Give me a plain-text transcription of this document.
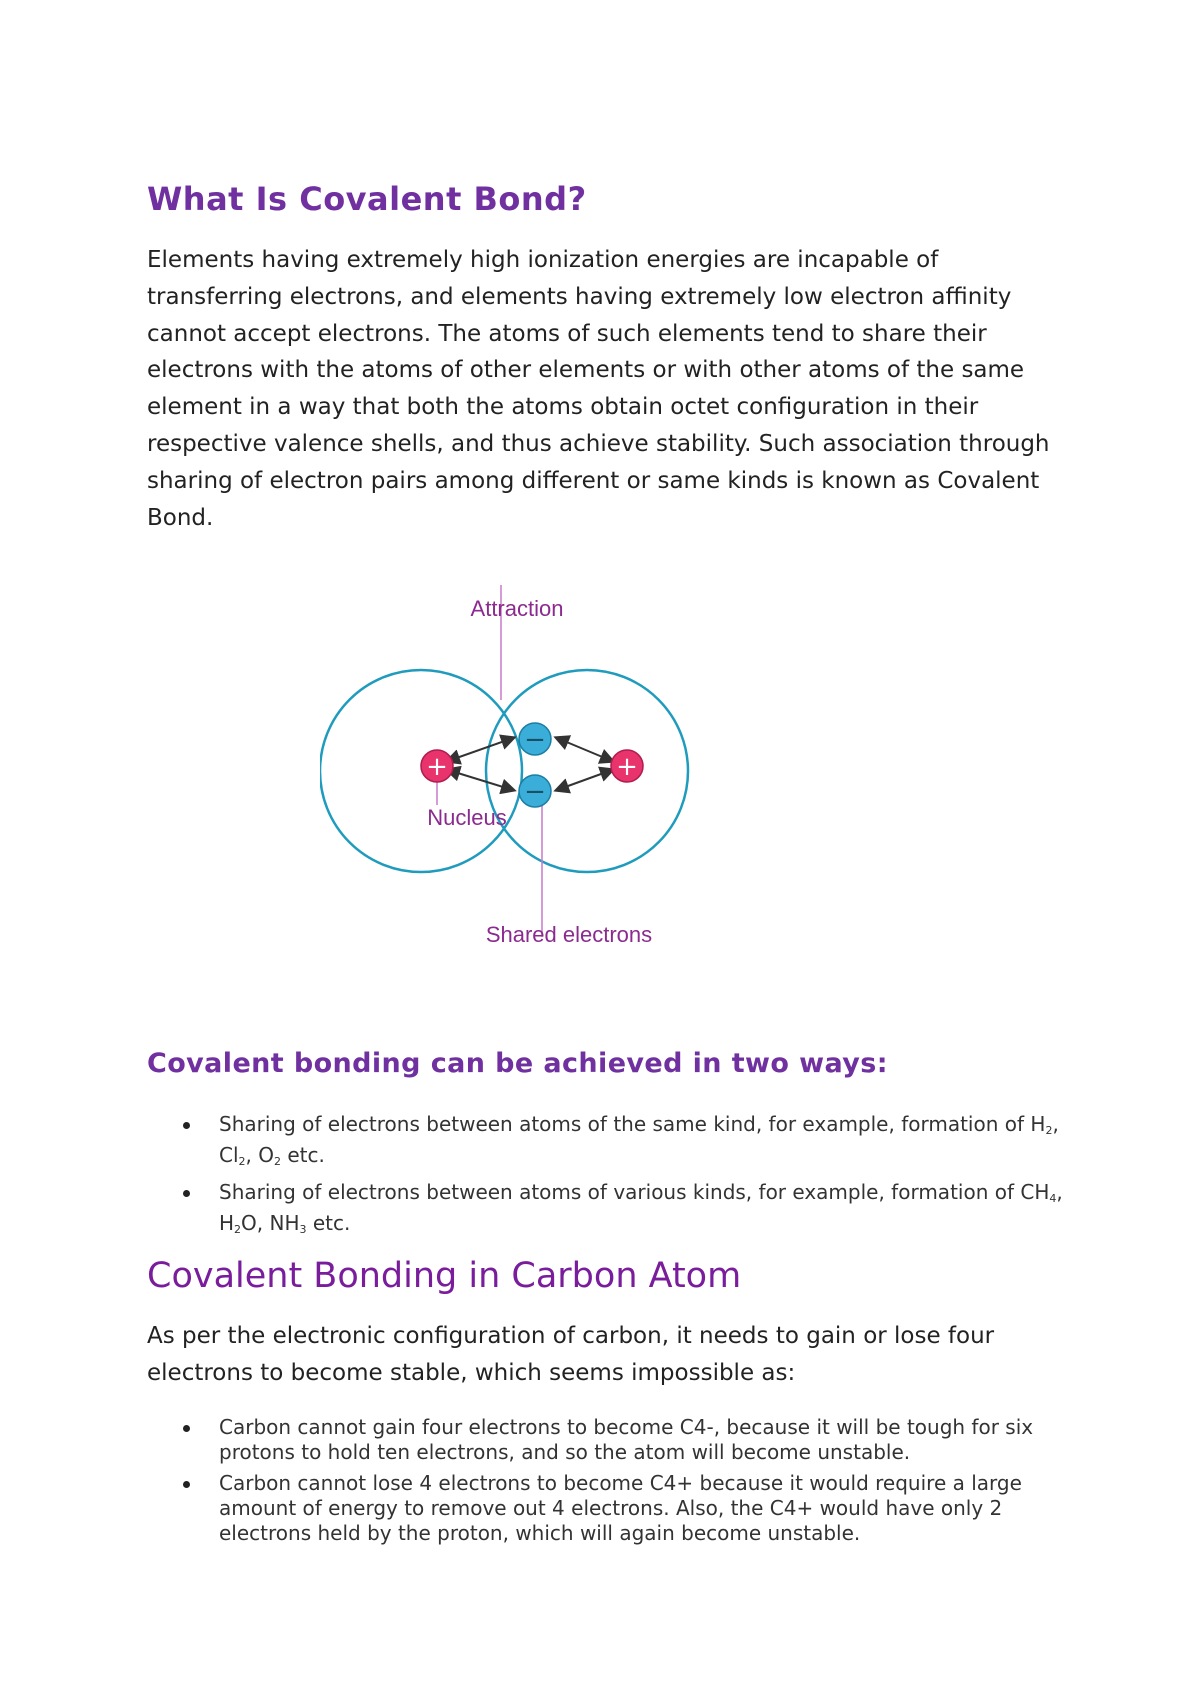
What Is Covalent Bond?

Elements having extremely high ionization energies are incapable of transferring electrons, and elements having extremely low electron affinity cannot accept electrons. The atoms of such elements tend to share their electrons with the atoms of other elements or with other atoms of the same element in a way that both the atoms obtain octet configuration in their respective valence shells, and thus achieve stability. Such association through sharing of electron pairs among different or same kinds is known as Covalent Bond.

+	+
−
−
Attraction
Nucleus
Shared electrons
Covalent bonding can be achieved in two ways:
Sharing of electrons between atoms of the same kind, for example, formation of $H_2$, $Cl_2$, $O_2$ etc.
Sharing of electrons between atoms of various kinds, for example, formation of $CH_4$, $H_2O$, $NH_3$ etc.
Covalent Bonding in Carbon Atom

As per the electronic configuration of carbon, it needs to gain or lose four electrons to become stable, which seems impossible as:

Carbon cannot gain four electrons to become C4-, because it will be tough for six protons to hold ten electrons, and so the atom will become unstable.
Carbon cannot lose 4 electrons to become C4+ because it would require a large amount of energy to remove out 4 electrons. Also, the C4+ would have only 2 electrons held by the proton, which will again become unstable.
